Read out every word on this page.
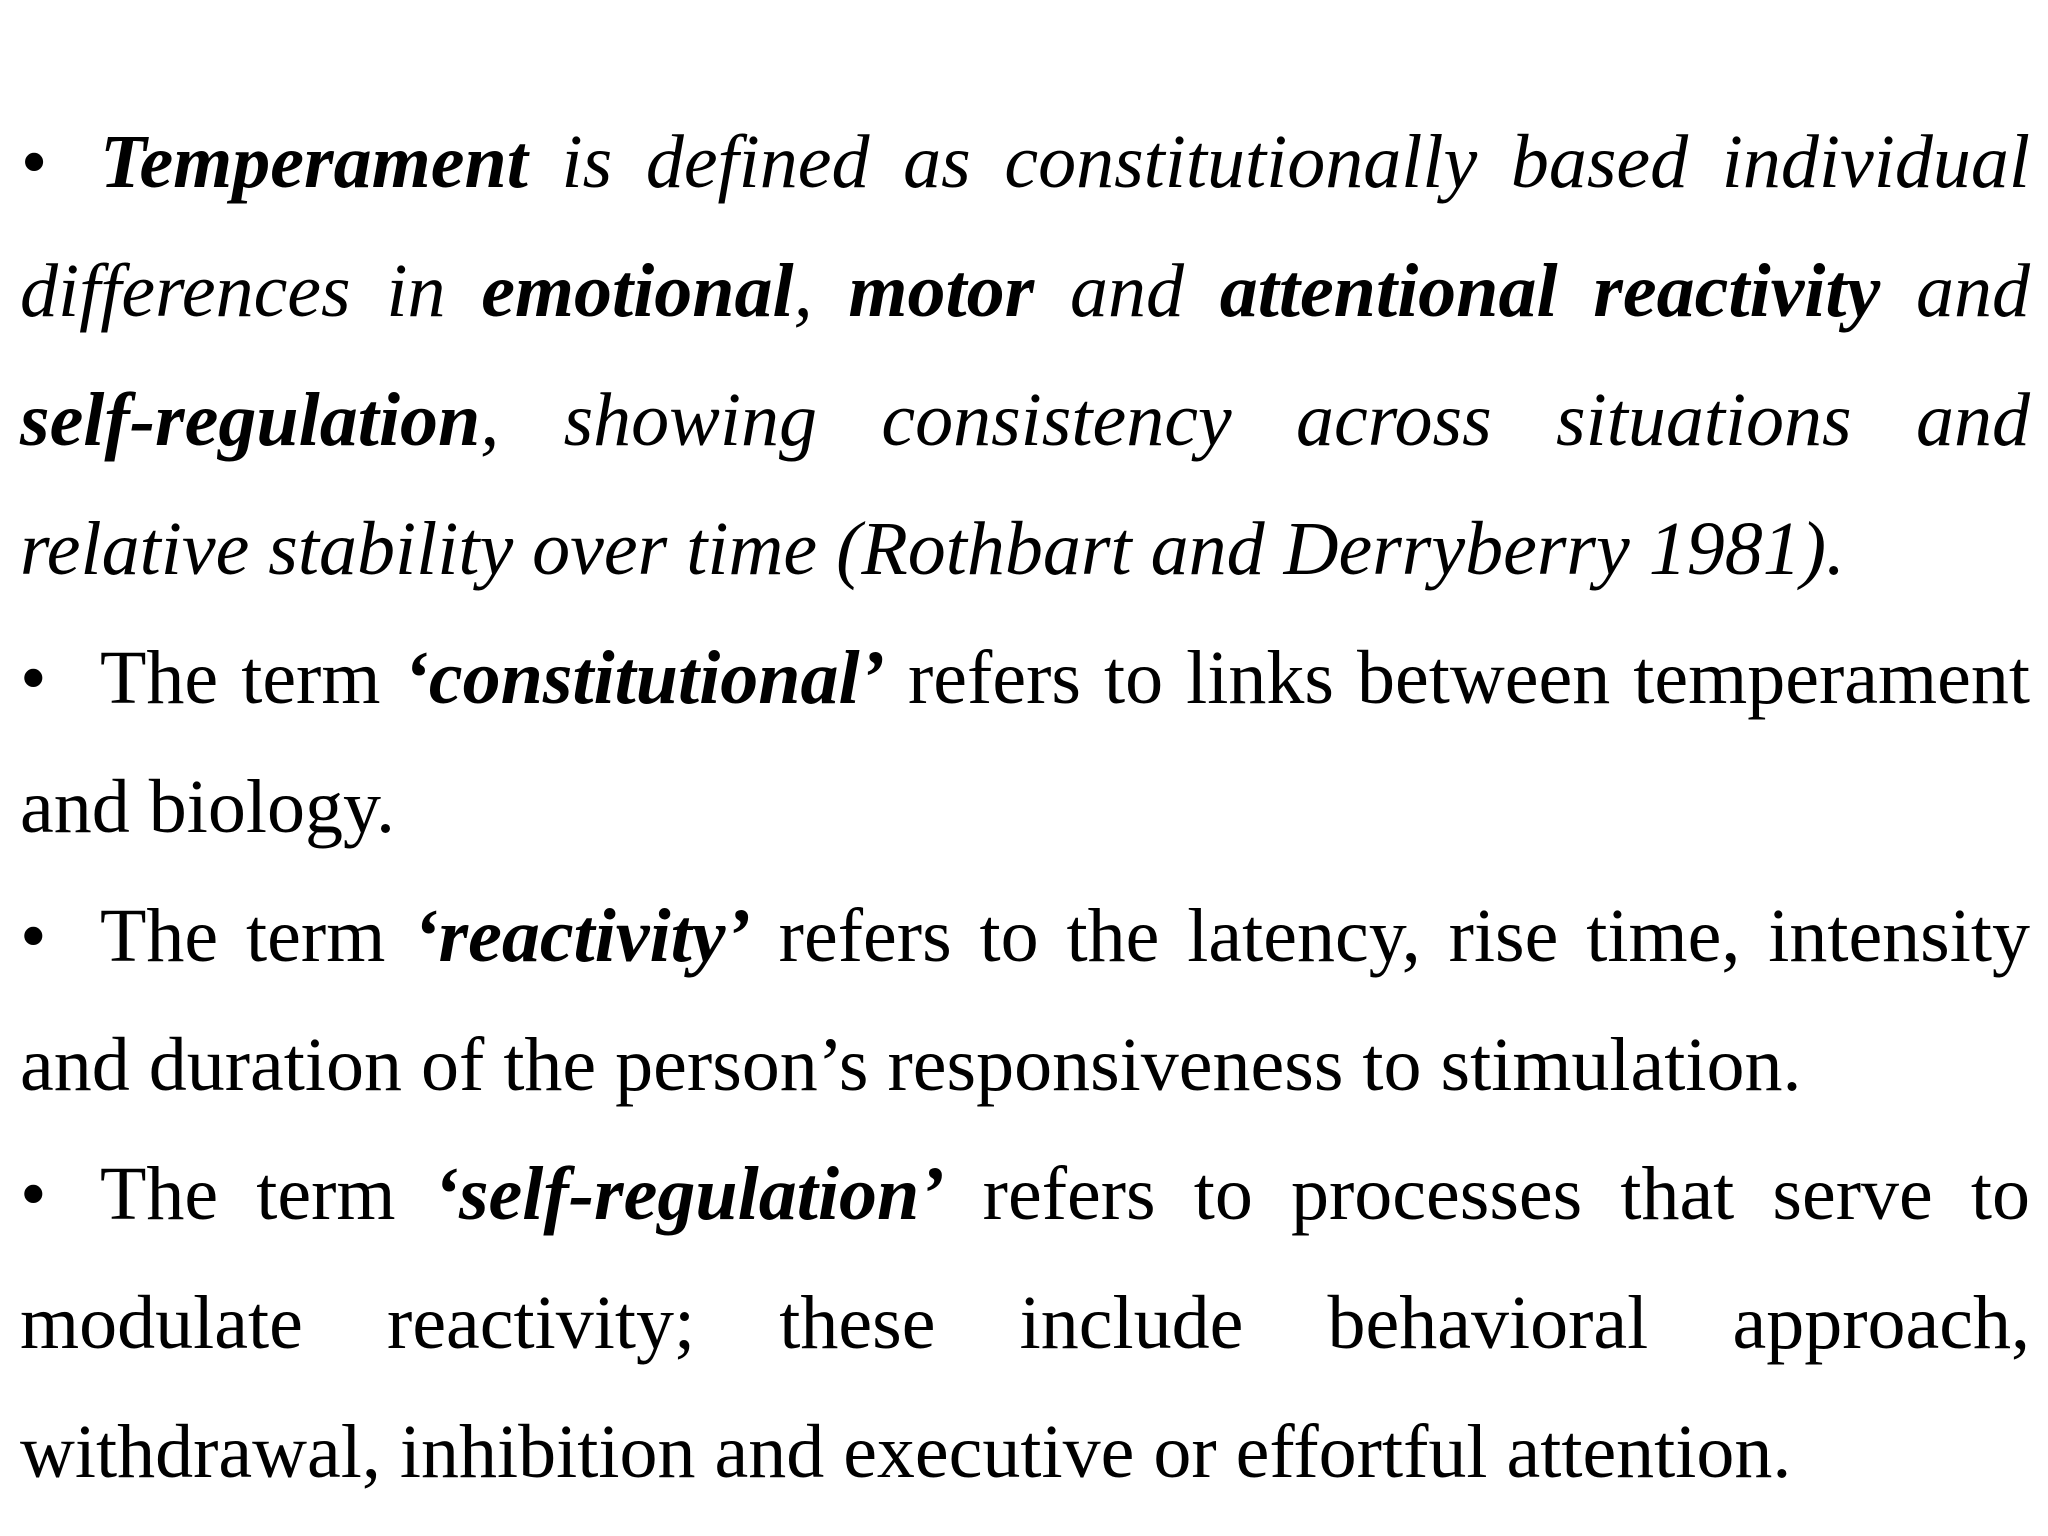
• Temperament is defined as constitutionally based individual differences in emotional, motor and attentional reactivity and self-regulation, showing consistency across situations and relative stability over time (Rothbart and Derryberry 1981).

• The term ‘constitutional’ refers to links between temperament and biology.

• The term ‘reactivity’ refers to the latency, rise time, intensity and duration of the person’s responsiveness to stimulation.

• The term ‘self-regulation’ refers to processes that serve to modulate reactivity; these include behavioral approach, withdrawal, inhibition and executive or effortful attention.
